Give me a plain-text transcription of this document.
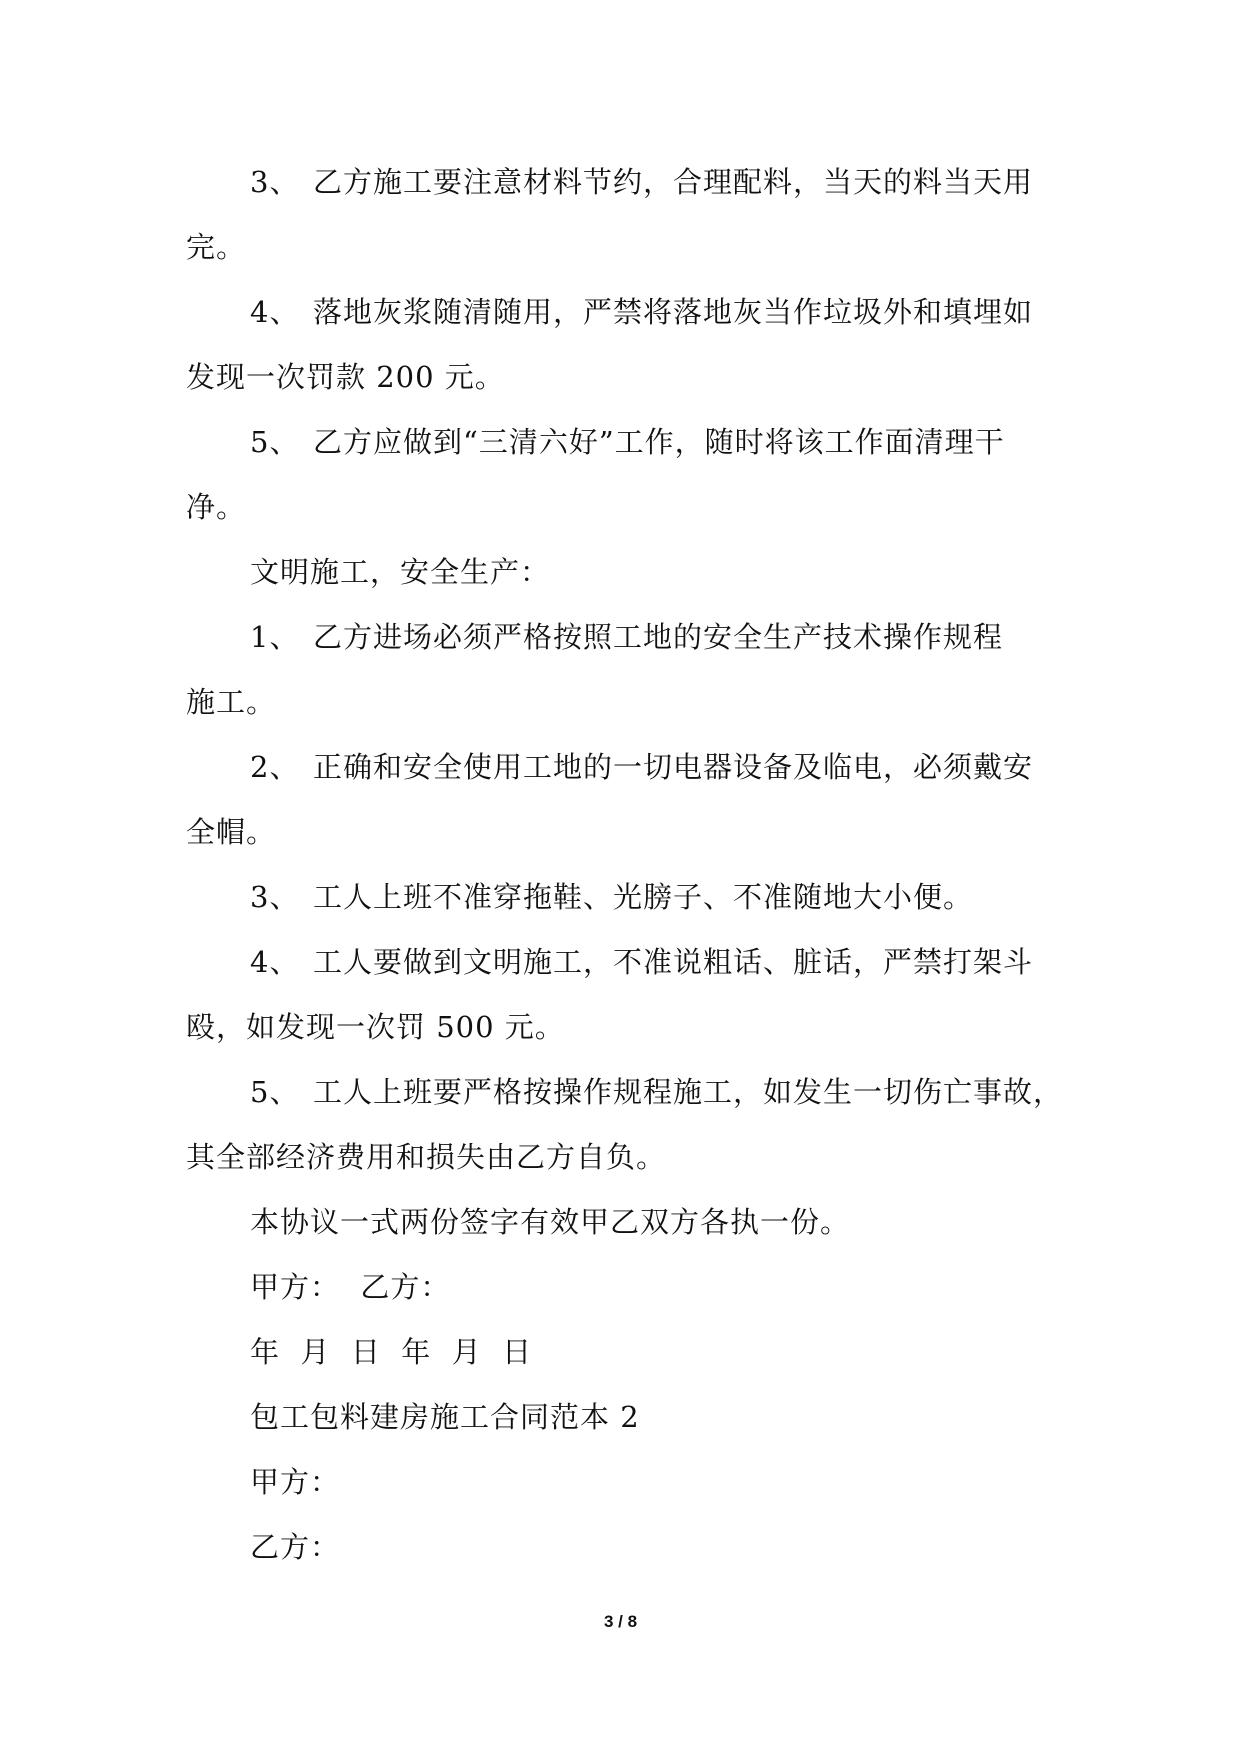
3、 乙方施工要注意材料节约，合理配料，当天的料当天用
完。
4、 落地灰浆随清随用，严禁将落地灰当作垃圾外和填埋如
发现一次罚款 200 元。
5、 乙方应做到“三清六好”工作，随时将该工作面清理干
净。
文明施工，安全生产：
1、 乙方进场必须严格按照工地的安全生产技术操作规程
施工。
2、 正确和安全使用工地的一切电器设备及临电，必须戴安
全帽。
3、 工人上班不准穿拖鞋、光膀子、不准随地大小便。
4、 工人要做到文明施工，不准说粗话、脏话，严禁打架斗
殴，如发现一次罚 500 元。
5、 工人上班要严格按操作规程施工，如发生一切伤亡事故，
其全部经济费用和损失由乙方自负。
本协议一式两份签字有效甲乙双方各执一份。
甲方：  乙方：
年  月  日  年  月  日
包工包料建房施工合同范本 2
甲方：
乙方：
3 / 8
